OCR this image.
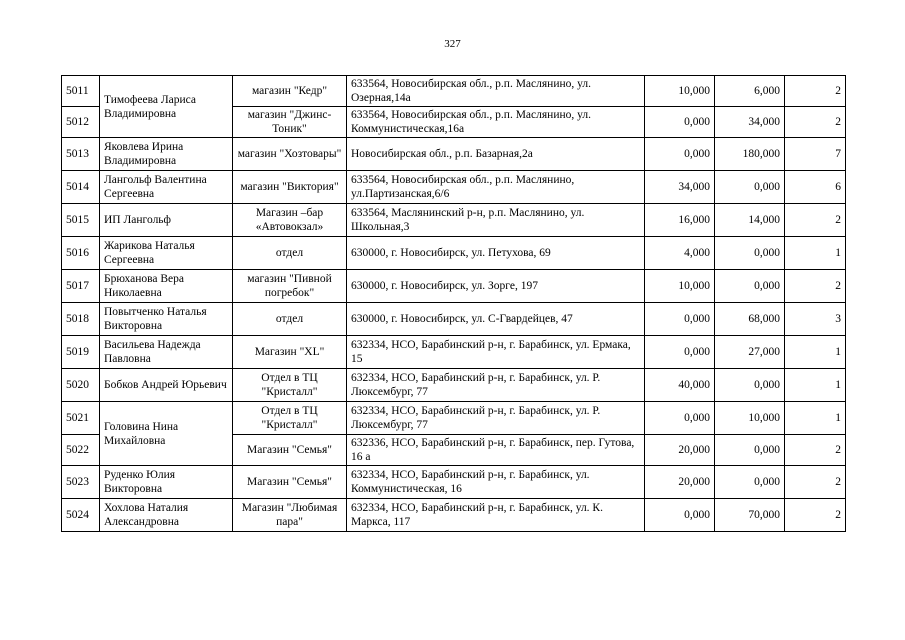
327
5011	Тимофеева Лариса Владимировна	магазин "Кедр"	633564, Новосибирская обл., р.п. Маслянино, ул. Озерная,14а	10,000	6,000	2
5012		магазин "Джинс-Тоник"	633564, Новосибирская обл., р.п. Маслянино, ул. Коммунистическая,16а	0,000	34,000	2
5013	Яковлева Ирина Владимировна	магазин "Хозтовары"	Новосибирская обл., р.п. Базарная,2а	0,000	180,000	7
5014	Лангольф Валентина Сергеевна	магазин "Виктория"	633564, Новосибирская обл., р.п. Маслянино, ул.Партизанская,6/6	34,000	0,000	6
5015	ИП Лангольф	Магазин –бар «Автовокзал»	633564, Маслянинский р-н, р.п. Маслянино, ул. Школьная,3	16,000	14,000	2
5016	Жарикова Наталья Сергеевна	отдел	630000, г. Новосибирск, ул. Петухова, 69	4,000	0,000	1
5017	Брюханова Вера Николаевна	магазин "Пивной погребок"	630000, г. Новосибирск, ул. Зорге, 197	10,000	0,000	2
5018	Повытченко Наталья Викторовна	отдел	630000, г. Новосибирск, ул. С-Гвардейцев, 47	0,000	68,000	3
5019	Васильева Надежда Павловна	Магазин "XL"	632334, НСО, Барабинский р-н, г. Барабинск, ул. Ермака, 15	0,000	27,000	1
5020	Бобков Андрей Юрьевич	Отдел в ТЦ "Кристалл"	632334, НСО, Барабинский р-н, г. Барабинск, ул. Р. Люксембург, 77	40,000	0,000	1
5021	Головина Нина Михайловна	Отдел в ТЦ "Кристалл"	632334, НСО, Барабинский р-н, г. Барабинск, ул. Р. Люксембург, 77	0,000	10,000	1
5022		Магазин "Семья"	632336, НСО, Барабинский р-н, г. Барабинск, пер. Гутова, 16 а	20,000	0,000	2
5023	Руденко Юлия Викторовна	Магазин "Семья"	632334, НСО, Барабинский р-н, г. Барабинск, ул. Коммунистическая, 16	20,000	0,000	2
5024	Хохлова Наталия Александровна	Магазин "Любимая пара"	632334, НСО, Барабинский р-н, г. Барабинск, ул. К. Маркса, 117	0,000	70,000	2
